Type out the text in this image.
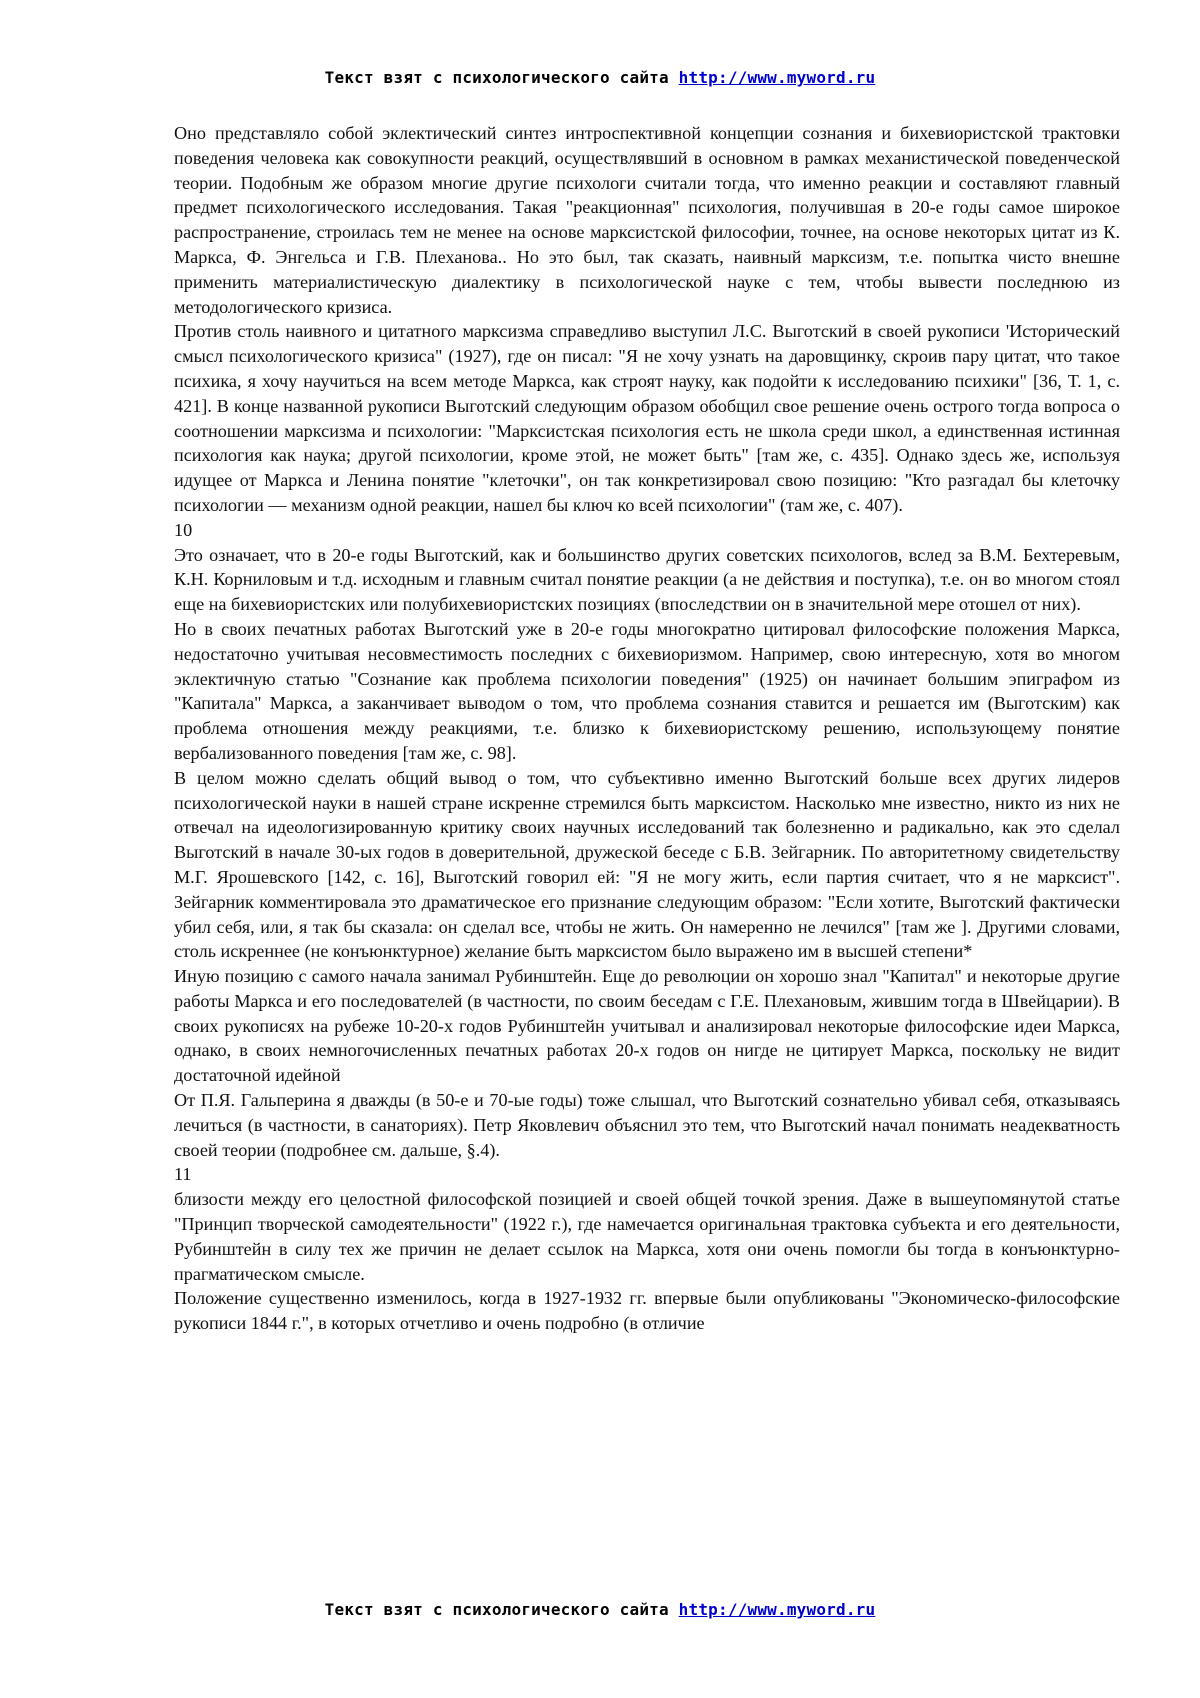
Текст взят с психологического сайта http://www.myword.ru

Оно представляло собой эклектический синтез интроспективной концепции сознания и бихевиористской трактовки поведения человека как совокупности реакций, осуществлявший в основном в рамках механистической поведенческой теории. Подобным же образом многие другие психологи считали тогда, что именно реакции и составляют главный предмет психологического исследования. Такая "реакционная" психология, получившая в 20-е годы самое широкое распространение, строилась тем не менее на основе марксистской философии, точнее, на основе некоторых цитат из К. Маркса, Ф. Энгельса и Г.В. Плеханова.. Но это был, так сказать, наивный марксизм, т.е. попытка чисто внешне применить материалистическую диалектику в психологической науке с тем, чтобы вывести последнюю из методологического кризиса.

Против столь наивного и цитатного марксизма справедливо выступил Л.С. Выготский в своей рукописи 'Исторический смысл психологического кризиса" (1927), где он писал: "Я не хочу узнать на даровщинку, скроив пару цитат, что такое психика, я хочу научиться на всем методе Маркса, как строят науку, как подойти к исследованию психики" [36, Т. 1, с. 421]. В конце названной рукописи Выготский следующим образом обобщил свое решение очень острого тогда вопроса о соотношении марксизма и психологии: "Марксистская психология есть не школа среди школ, а единственная истинная психология как наука; другой психологии, кроме этой, не может быть" [там же, с. 435]. Однако здесь же, используя идущее от Маркса и Ленина понятие "клеточки", он так конкретизировал свою позицию: "Кто разгадал бы клеточку психологии — механизм одной реакции, нашел бы ключ ко всей психологии" (там же, с. 407).

10

Это означает, что в 20-е годы Выготский, как и большинство других советских психологов, вслед за В.М. Бехтеревым, К.Н. Корниловым и т.д. исходным и главным считал понятие реакции (а не действия и поступка), т.е. он во многом стоял еще на бихевиористских или полубихевиористских позициях (впоследствии он в значительной мере отошел от них).

Но в своих печатных работах Выготский уже в 20-е годы многократно цитировал философские положения Маркса, недостаточно учитывая несовместимость последних с бихевиоризмом. Например, свою интересную, хотя во многом эклектичную статью "Сознание как проблема психологии поведения" (1925) он начинает большим эпиграфом из "Капитала" Маркса, а заканчивает выводом о том, что проблема сознания ставится и решается им (Выготским) как проблема отношения между реакциями, т.е. близко к бихевиористскому решению, использующему понятие вербализованного поведения [там же, с. 98].

В целом можно сделать общий вывод о том, что субъективно именно Выготский больше всех других лидеров психологической науки в нашей стране искренне стремился быть марксистом. Насколько мне известно, никто из них не отвечал на идеологизированную критику своих научных исследований так болезненно и радикально, как это сделал Выготский в начале 30-ых годов в доверительной, дружеской беседе с Б.В. Зейгарник. По авторитетному свидетельству М.Г. Ярошевского [142, с. 16], Выготский говорил ей: "Я не могу жить, если партия считает, что я не марксист". Зейгарник комментировала это драматическое его признание следующим образом: "Если хотите, Выготский фактически убил себя, или, я так бы сказала: он сделал все, чтобы не жить. Он намеренно не лечился" [там же ]. Другими словами, столь искреннее (не конъюнктурное) желание быть марксистом было выражено им в высшей степени*

Иную позицию с самого начала занимал Рубинштейн. Еще до революции он хорошо знал "Капитал" и некоторые другие работы Маркса и его последователей (в частности, по своим беседам с Г.Е. Плехановым, жившим тогда в Швейцарии). В своих рукописях на рубеже 10-20-х годов Рубинштейн учитывал и анализировал некоторые философские идеи Маркса, однако, в своих немногочисленных печатных работах 20-х годов он нигде не цитирует Маркса, поскольку не видит достаточной идейной

От П.Я. Гальперина я дважды (в 50-е и 70-ые годы) тоже слышал, что Выготский сознательно убивал себя, отказываясь лечиться (в частности, в санаториях). Петр Яковлевич объяснил это тем, что Выготский начал понимать неадекватность своей теории (подробнее см. дальше, §.4).

11

близости между его целостной философской позицией и своей общей точкой зрения. Даже в вышеупомянутой статье "Принцип творческой самодеятельности" (1922 г.), где намечается оригинальная трактовка субъекта и его деятельности, Рубинштейн в силу тех же причин не делает ссылок на Маркса, хотя они очень помогли бы тогда в конъюнктурно-прагматическом смысле.

Положение существенно изменилось, когда в 1927-1932 гг. впервые были опубликованы "Экономическо-философские рукописи 1844 г.", в которых отчетливо и очень подробно (в отличие

Текст взят с психологического сайта http://www.myword.ru
